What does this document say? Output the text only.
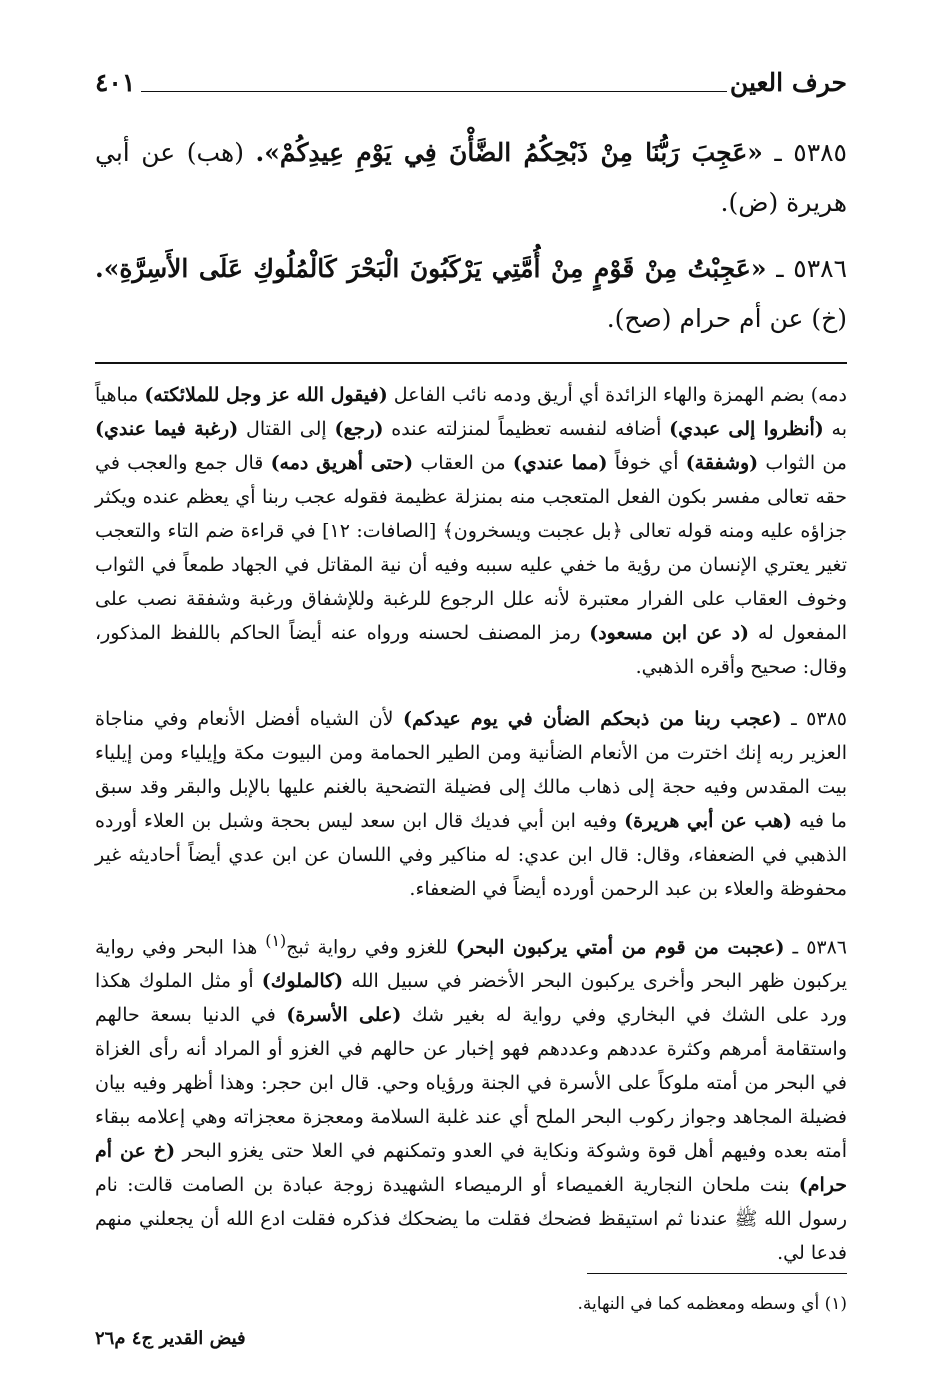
حرف العين
٤٠١

٥٣٨٥ ـ «عَجِبَ رَبُّنَا مِنْ ذَبْحِكُمُ الضَّأْنَ فِي يَوْمِ عِيدِكُمْ». (هب) عن أبي هريرة (ض).

٥٣٨٦ ـ «عَجِبْتُ مِنْ قَوْمٍ مِنْ أُمَّتِي يَرْكَبُونَ الْبَحْرَ كَالْمُلُوكِ عَلَى الأَسِرَّةِ». (خ) عن أم حرام (صح).

دمه) بضم الهمزة والهاء الزائدة أي أريق ودمه نائب الفاعل (فيقول الله عز وجل للملائكته) مباهياً به (أنظروا إلى عبدي) أضافه لنفسه تعظيماً لمنزلته عنده (رجع) إلى القتال (رغبة فيما عندي) من الثواب (وشفقة) أي خوفاً (مما عندي) من العقاب (حتى أهريق دمه) قال جمع والعجب في حقه تعالى مفسر بكون الفعل المتعجب منه بمنزلة عظيمة فقوله عجب ربنا أي يعظم عنده ويكثر جزاؤه عليه ومنه قوله تعالى ﴿بل عجبت ويسخرون﴾ [الصافات: ١٢] في قراءة ضم التاء والتعجب تغير يعتري الإنسان من رؤية ما خفي عليه سببه وفيه أن نية المقاتل في الجهاد طمعاً في الثواب وخوف العقاب على الفرار معتبرة لأنه علل الرجوع للرغبة وللإشفاق ورغبة وشفقة نصب على المفعول له (د عن ابن مسعود) رمز المصنف لحسنه ورواه عنه أيضاً الحاكم باللفظ المذكور، وقال: صحيح وأقره الذهبي.

٥٣٨٥ ـ (عجب ربنا من ذبحكم الضأن في يوم عيدكم) لأن الشياه أفضل الأنعام وفي مناجاة العزير ربه إنك اخترت من الأنعام الضأنية ومن الطير الحمامة ومن البيوت مكة وإيلياء ومن إيلياء بيت المقدس وفيه حجة إلى ذهاب مالك إلى فضيلة التضحية بالغنم عليها بالإبل والبقر وقد سبق ما فيه (هب عن أبي هريرة) وفيه ابن أبي فديك قال ابن سعد ليس بحجة وشبل بن العلاء أورده الذهبي في الضعفاء، وقال: قال ابن عدي: له مناكير وفي اللسان عن ابن عدي أيضاً أحاديثه غير محفوظة والعلاء بن عبد الرحمن أورده أيضاً في الضعفاء.

٥٣٨٦ ـ (عجبت من قوم من أمتي يركبون البحر) للغزو وفي رواية ثبج$^{(١)}$ هذا البحر وفي رواية يركبون ظهر البحر وأخرى يركبون البحر الأخضر في سبيل الله (كالملوك) أو مثل الملوك هكذا ورد على الشك في البخاري وفي رواية له بغير شك (على الأسرة) في الدنيا بسعة حالهم واستقامة أمرهم وكثرة عددهم وعددهم فهو إخبار عن حالهم في الغزو أو المراد أنه رأى الغزاة في البحر من أمته ملوكاً على الأسرة في الجنة ورؤياه وحي. قال ابن حجر: وهذا أظهر وفيه بيان فضيلة المجاهد وجواز ركوب البحر الملح أي عند غلبة السلامة ومعجزة معجزاته وهي إعلامه ببقاء أمته بعده وفيهم أهل قوة وشوكة ونكاية في العدو وتمكنهم في العلا حتى يغزو البحر (خ عن أم حرام) بنت ملحان النجارية الغميصاء أو الرميصاء الشهيدة زوجة عبادة بن الصامت قالت: نام رسول الله ﷺ عندنا ثم استيقظ فضحك فقلت ما يضحكك فذكره فقلت ادع الله أن يجعلني منهم فدعا لي.

(١) أي وسطه ومعظمه كما في النهاية.
فيض القدير ج٤ م٢٦
